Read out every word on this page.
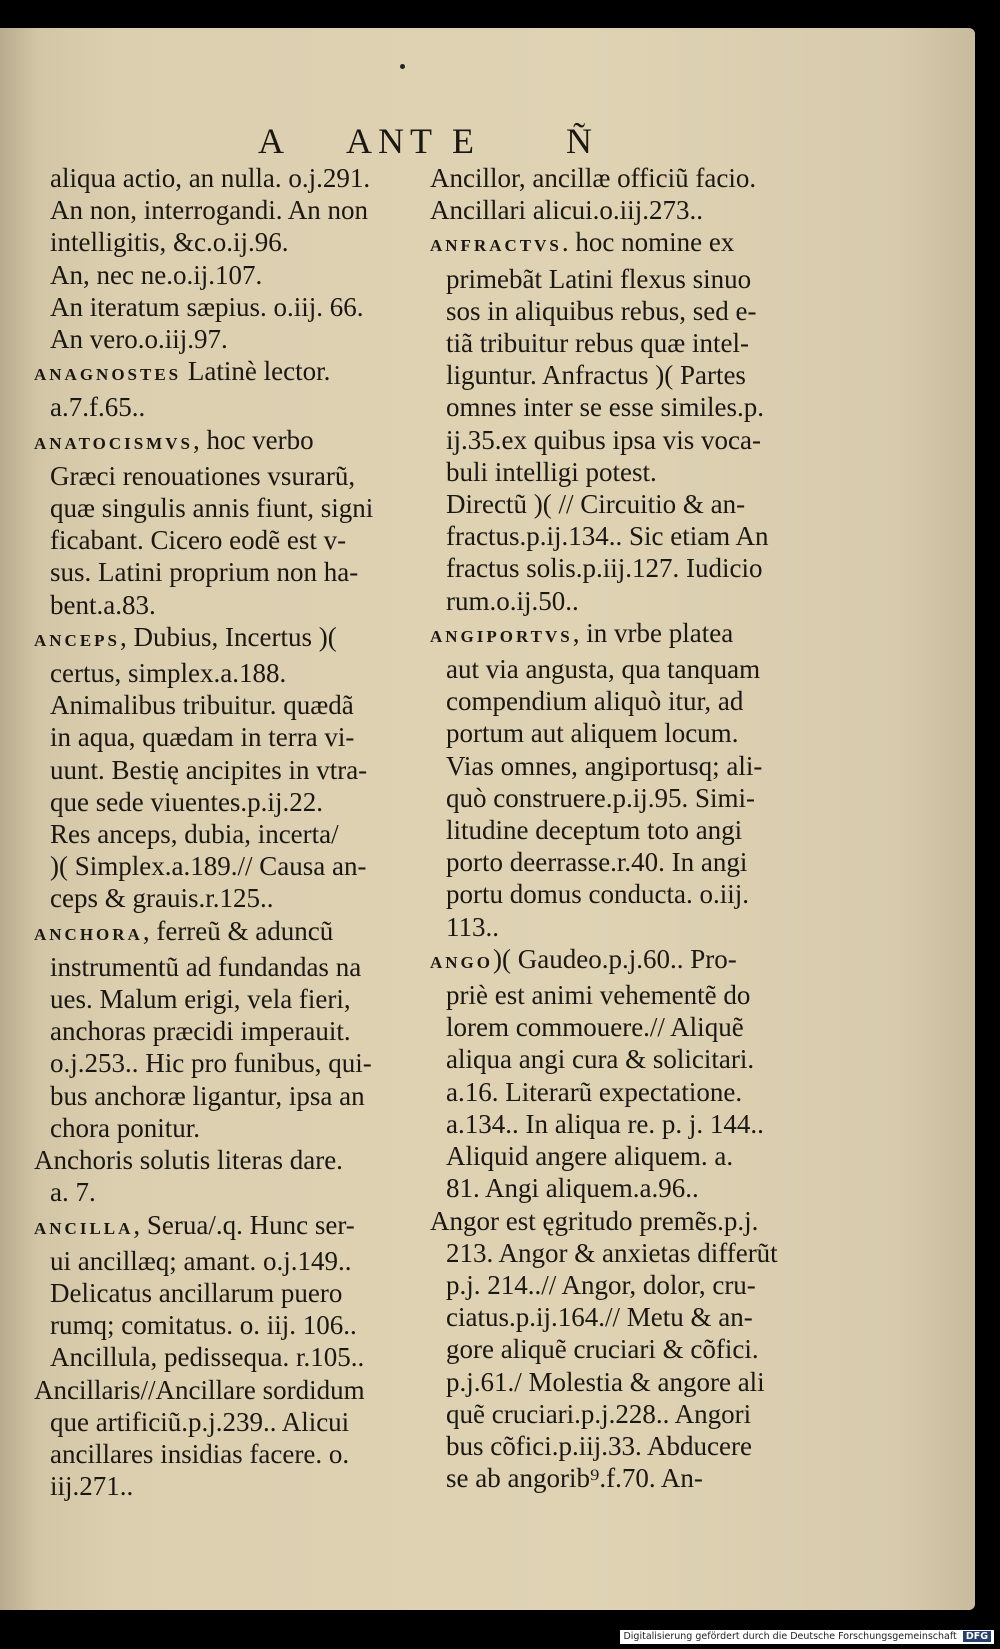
A ANT E Ñ
aliqua actio, an nulla. o.j.291.
An non, interrogandi. An non
intelligitis, &c.o.ij.96.
An, nec ne.o.ij.107.
An iteratum sæpius. o.iij. 66.
An vero.o.iij.97.
ANAGNOSTES Latinè lector.
a.7.f.65..
ANATOCISMVS, hoc verbo
Græci renouationes vsurarũ,
quæ singulis annis fiunt, signi
ficabant. Cicero eodẽ est v-
sus. Latini proprium non ha-
bent.a.83.
ANCEPS, Dubius, Incertus )(
certus, simplex.a.188.
Animalibus tribuitur. quædã
in aqua, quædam in terra vi-
uunt. Bestię ancipites in vtra-
que sede viuentes.p.ij.22.
Res anceps, dubia, incerta/
)( Simplex.a.189.// Causa an-
ceps & grauis.r.125..
ANCHORA, ferreũ & aduncũ
instrumentũ ad fundandas na
ues. Malum erigi, vela fieri,
anchoras præcidi imperauit.
o.j.253.. Hic pro funibus, qui-
bus anchoræ ligantur, ipsa an
chora ponitur.
Anchoris solutis literas dare.
a. 7.
ANCILLA, Serua/.q. Hunc ser-
ui ancillæq; amant. o.j.149..
Delicatus ancillarum puero
rumq; comitatus. o. iij. 106..
Ancillula, pedissequa. r.105..
Ancillaris//Ancillare sordidum
que artificiũ.p.j.239.. Alicui
ancillares insidias facere. o.
iij.271..
Ancillor, ancillæ officiũ facio.
Ancillari alicui.o.iij.273..
ANFRACTVS. hoc nomine ex
primebãt Latini flexus sinuo
sos in aliquibus rebus, sed e-
tiã tribuitur rebus quæ intel-
liguntur. Anfractus )( Partes
omnes inter se esse similes.p.
ij.35.ex quibus ipsa vis voca-
buli intelligi potest.
Directũ )( // Circuitio & an-
fractus.p.ij.134.. Sic etiam An
fractus solis.p.iij.127. Iudicio
rum.o.ij.50..
ANGIPORTVS, in vrbe platea
aut via angusta, qua tanquam
compendium aliquò itur, ad
portum aut aliquem locum.
Vias omnes, angiportusq; ali-
quò construere.p.ij.95. Simi-
litudine deceptum toto angi
porto deerrasse.r.40. In angi
portu domus conducta. o.iij.
113..
ANGO)( Gaudeo.p.j.60.. Pro-
priè est animi vehementẽ do
lorem commouere.// Aliquẽ
aliqua angi cura & solicitari.
a.16. Literarũ expectatione.
a.134.. In aliqua re. p. j. 144..
Aliquid angere aliquem. a.
81. Angi aliquem.a.96..
Angor est ęgritudo premẽs.p.j.
213. Angor & anxietas differũt
p.j. 214..// Angor, dolor, cru-
ciatus.p.ij.164.// Metu & an-
gore aliquẽ cruciari & cõfici.
p.j.61./ Molestia & angore ali
quẽ cruciari.p.j.228.. Angori
bus cõfici.p.iij.33. Abducere
se ab angorib⁹.f.70. An-
Digitalisierung gefördert durch die Deutsche Forschungsgemeinschaft DFG
